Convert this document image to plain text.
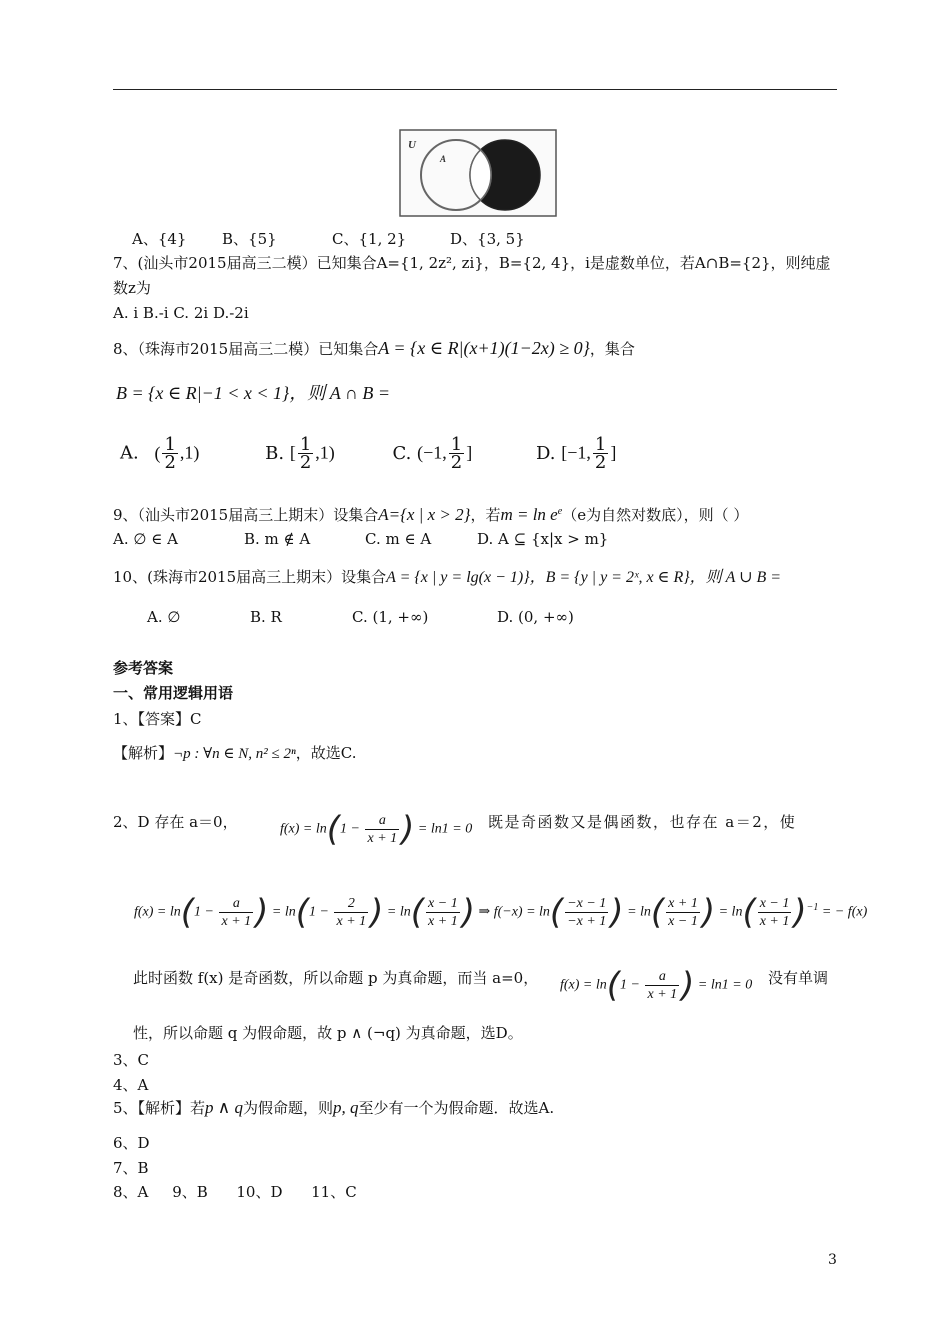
U
A
A、{4} B、{5}	C、{1, 2}	D、{3, 5}
7、(汕头市2015届高三二模）已知集合A={1, 2z², zi}，B={2, 4}，i是虚数单位，若A∩B={2}，则纯虚
数z为
A. i B.-i C. 2i D.-2i
8、（珠海市2015届高三二模）已知集合A = {x ∈ R|(x+1)(1−2x) ≥ 0}，集合
B = {x ∈ R|−1 < x < 1}，则 A ∩ B =
A. ( $\frac{1}{2} ,1$)	B. [ $\frac{1}{2} ,1$)	C. (−1, $\frac{1}{2}$ ]	D. [−1, $\frac{1}{2}$ ]
9、（汕头市2015届高三上期末）设集合A={x | x > 2}，若$m = \ln e^e(e$为自然对数底），则（ ）
A. ∅ ∈ A	B. m ∉ A	C. m ∈ A	D. A ⊆ {x|x > m}
10、(珠海市2015届高三上期末）设集合A = {x | y = lg(x − 1)}，B = {y | y = 2ˣ, x ∈ R}，则 A ∪ B =
A. ∅	B. R	C. (1, +∞)	D. (0, +∞)
参考答案
一、常用逻辑用语
1、【答案】C
【解析】¬p : ∀n ∈ N, n² ≤ 2ⁿ，故选C.
2、D 存在 a＝0，	$f(x) = \ln(1 - \frac{a}{x + 1}$ ) = ln1 = 0 既是奇函数又是偶函数，也存在 a＝2，使
$f(x) = \ln(1 - \frac{a}{x + 1}$ ) = $\ln(1 - \frac{2}{x + 1}$ ) = $\ln( \frac{x - 1}{x + 1}$ ) ⇒ $f(-x) = \ln( \frac{-x - 1}{-x + 1}$ ) = $\ln( \frac{x + 1}{x - 1}$ ) = $\ln( \frac{x - 1}{x + 1} )^{-1}$ = − f(x)
此时函数 f(x) 是奇函数，所以命题 p 为真命题，而当 a=0， $f(x) = \ln(1 - \frac{a}{x + 1}$ ) = ln1 = 0 没有单调
性，所以命题 q 为假命题，故 p ∧ (¬q) 为真命题，选D。
3、C
4、A
5、【解析】若p ∧ q为假命题，则p, q至少有一个为假命题．故选A.
6、D
7、B
8、A     9、B      10、D      11、C
3
